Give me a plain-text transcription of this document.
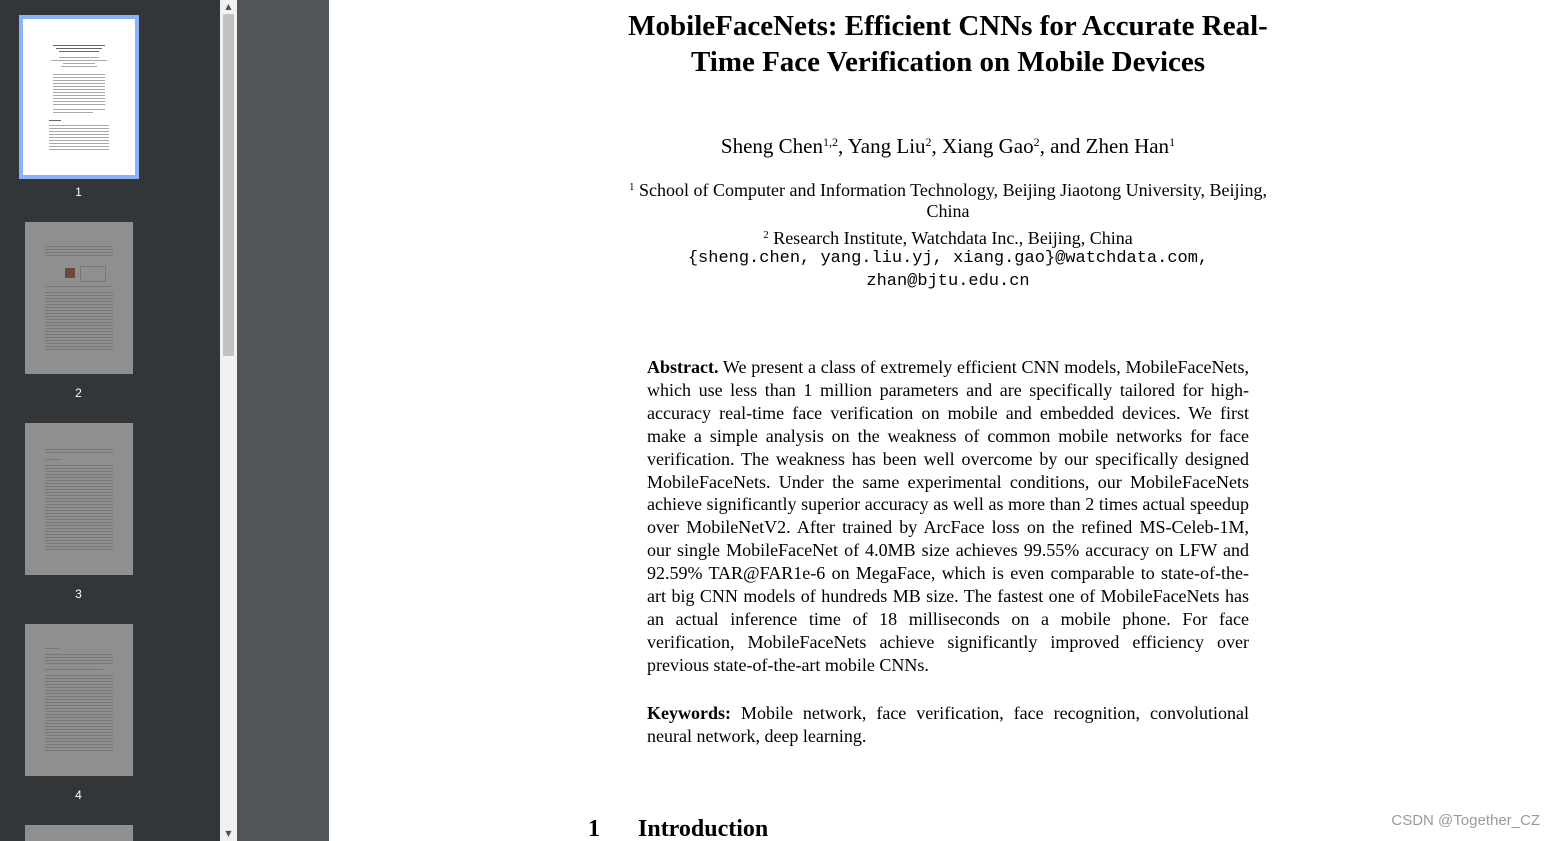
1
2
3
4
▲
▼
MobileFaceNets: Efficient CNNs for Accurate Real-
Time Face Verification on Mobile Devices
Sheng Chen$^{1,2}$, Yang Liu$^2$, Xiang Gao$^2$, and Zhen Han$^1$
$^1$ School of Computer and Information Technology, Beijing Jiaotong University, Beijing,
China
$^2$ Research Institute, Watchdata Inc., Beijing, China
{sheng.chen, yang.liu.yj, xiang.gao}@watchdata.com,
zhan@bjtu.edu.cn

Abstract. We present a class of extremely efficient CNN models, MobileFaceNets, which use less than 1 million parameters and are specifically tailored for high-accuracy real-time face verification on mobile and embedded devices. We first make a simple analysis on the weakness of common mobile networks for face verification. The weakness has been well overcome by our specifically designed MobileFaceNets. Under the same experimental conditions, our MobileFaceNets achieve significantly superior accuracy as well as more than 2 times actual speedup over MobileNetV2. After trained by ArcFace loss on the refined MS-Celeb-1M, our single MobileFaceNet of 4.0MB size achieves 99.55% accuracy on LFW and 92.59% TAR@FAR1e-6 on MegaFace, which is even comparable to state-of-the-art big CNN models of hundreds MB size. The fastest one of MobileFaceNets has an actual inference time of 18 milliseconds on a mobile phone. For face verification, MobileFaceNets achieve significantly improved efficiency over previous state-of-the-art mobile CNNs.

Keywords: Mobile network, face verification, face recognition, convolutional neural network, deep learning.

1 Introduction	CSDN @Together_CZ
